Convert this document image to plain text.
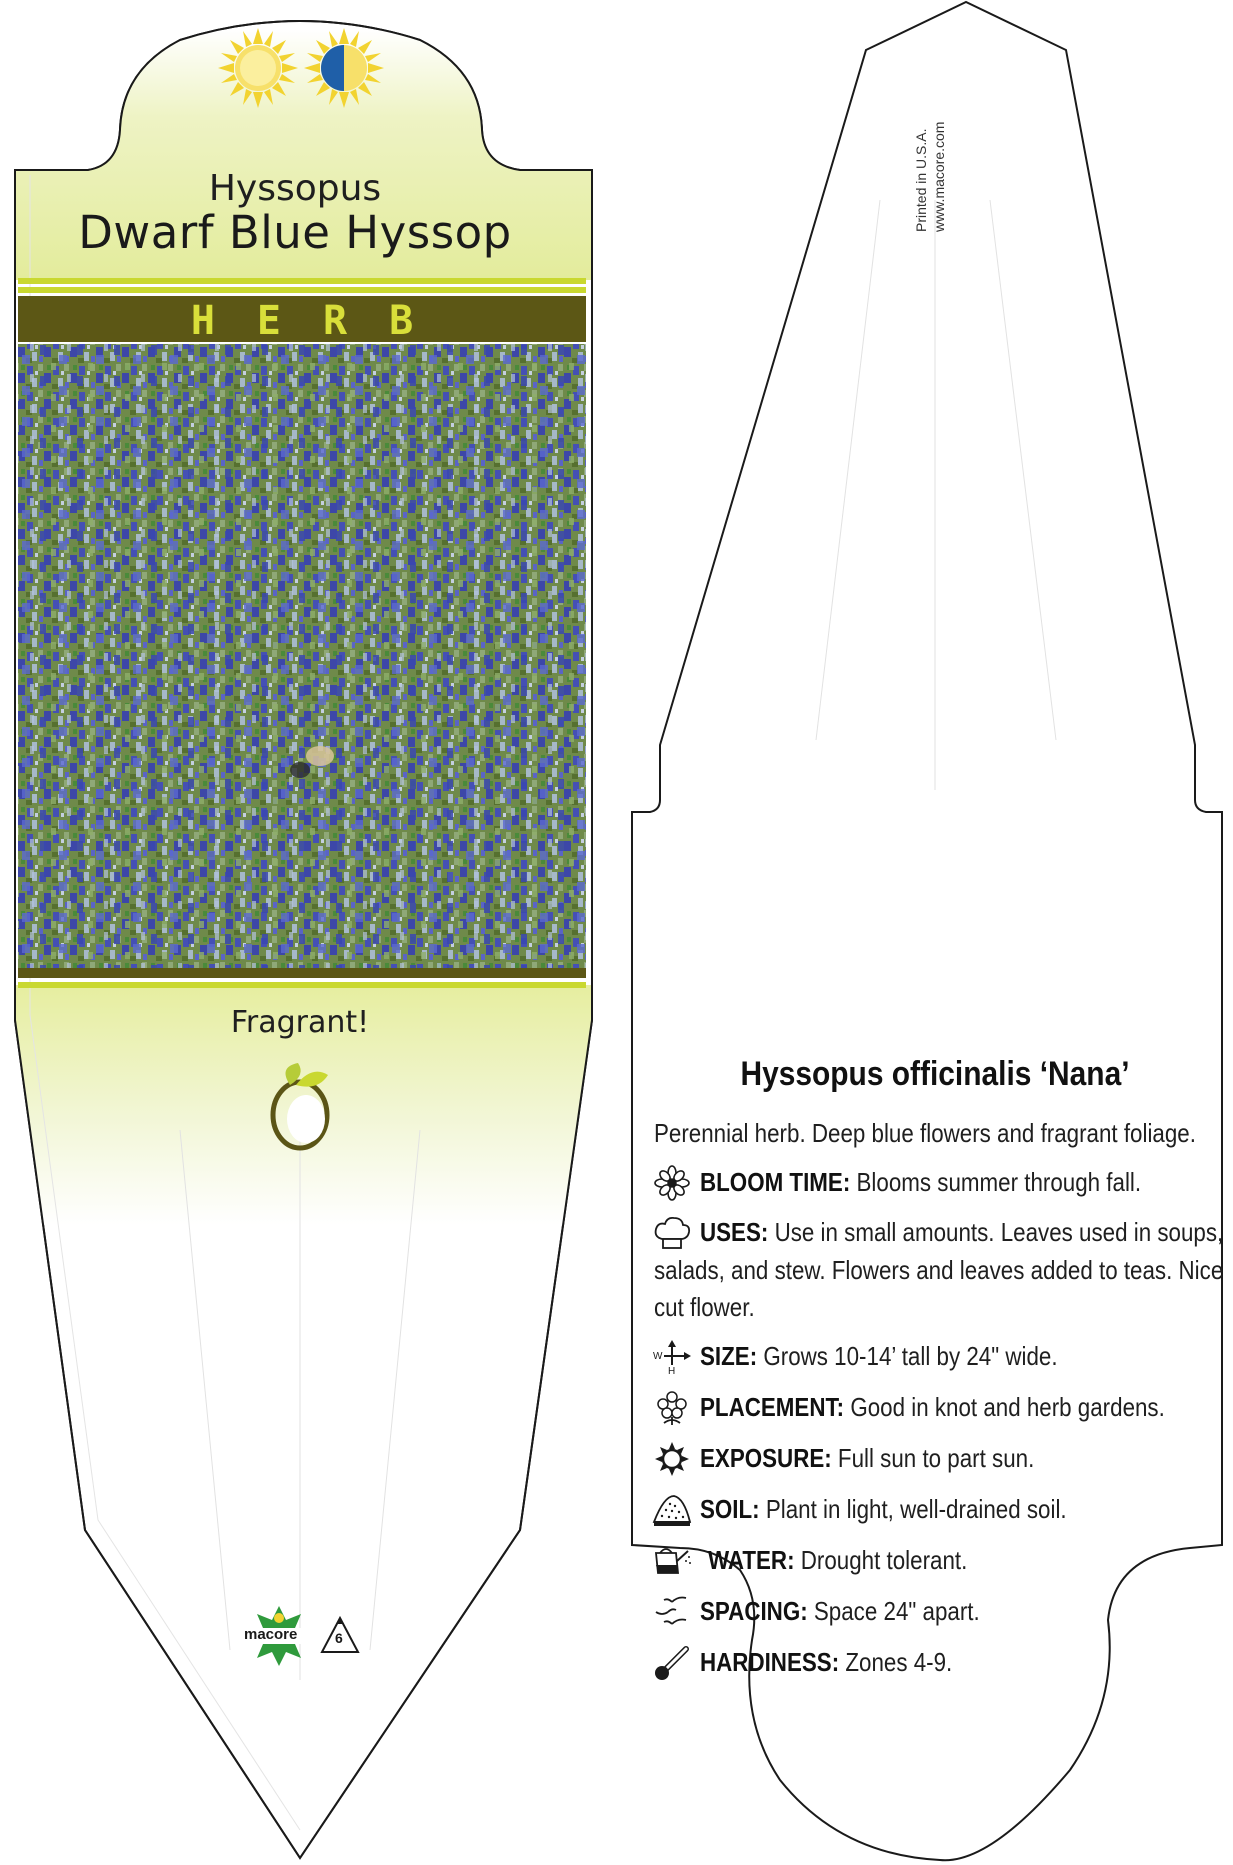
Hyssopus
Dwarf Blue Hyssop
HERB
Fragrant!
macore	6
Printed in U.S.A. www.macore.com
Hyssopus officinalis ‘Nana’
Perennial herb. Deep blue flowers and fragrant foliage.
BLOOM TIME: Blooms summer through fall.
USES: Use in small amounts. Leaves used in soups,
salads, and stew. Flowers and leaves added to teas. Nice
cut flower.
W
H
SIZE: Grows 10-14’ tall by 24" wide.
PLACEMENT: Good in knot and herb gardens.
EXPOSURE: Full sun to part sun.
SOIL: Plant in light, well-drained soil.
WATER: Drought tolerant.
SPACING: Space 24" apart.
HARDINESS: Zones 4-9.
